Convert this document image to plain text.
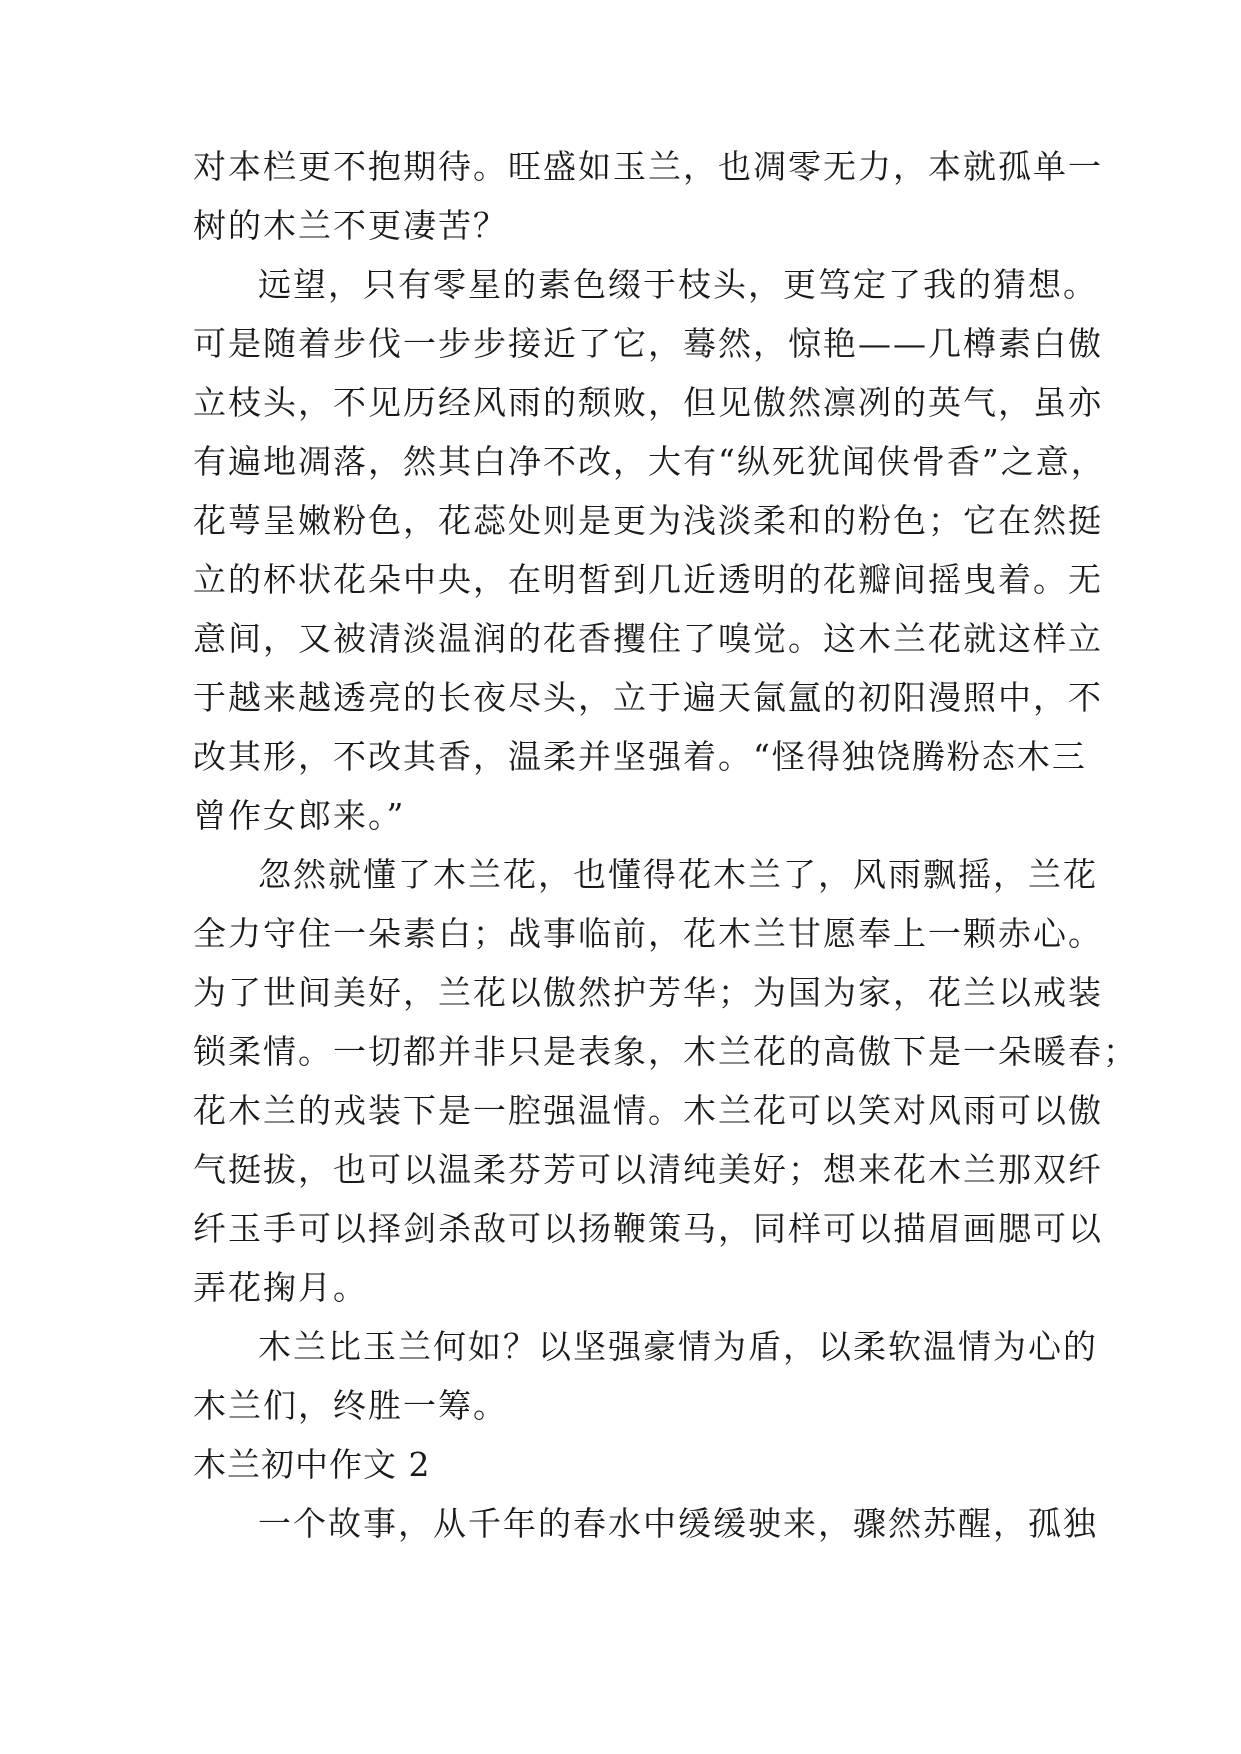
对本栏更不抱期待。旺盛如玉兰，也凋零无力，本就孤单一
树的木兰不更凄苦？
远望，只有零星的素色缀于枝头，更笃定了我的猜想。
可是随着步伐一步步接近了它，蓦然，惊艳——几樽素白傲
立枝头，不见历经风雨的颓败，但见傲然凛冽的英气，虽亦
有遍地凋落，然其白净不改，大有“纵死犹闻侠骨香”之意，
花萼呈嫩粉色，花蕊处则是更为浅淡柔和的粉色；它在然挺
立的杯状花朵中央，在明皙到几近透明的花瓣间摇曳着。无
意间，又被清淡温润的花香攫住了嗅觉。这木兰花就这样立
于越来越透亮的长夜尽头，立于遍天氤氲的初阳漫照中，不
改其形，不改其香，温柔并坚强着。“怪得独饶腾粉态木三
曾作女郎来。”
忽然就懂了木兰花，也懂得花木兰了，风雨飘摇，兰花
全力守住一朵素白；战事临前，花木兰甘愿奉上一颗赤心。
为了世间美好，兰花以傲然护芳华；为国为家，花兰以戒装
锁柔情。一切都并非只是表象，木兰花的高傲下是一朵暖春；
花木兰的戎装下是一腔强温情。木兰花可以笑对风雨可以傲
气挺拔，也可以温柔芬芳可以清纯美好；想来花木兰那双纤
纤玉手可以择剑杀敌可以扬鞭策马，同样可以描眉画腮可以
弄花掬月。
木兰比玉兰何如？以坚强豪情为盾，以柔软温情为心的
木兰们，终胜一筹。
木兰初中作文 2
一个故事，从千年的春水中缓缓驶来，骤然苏醒，孤独
